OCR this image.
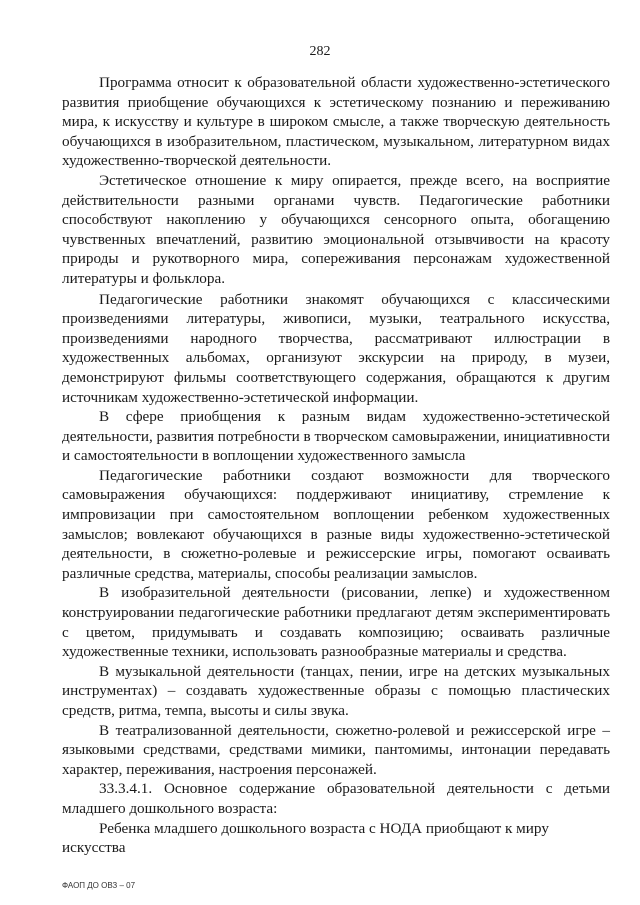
282

Программа относит к образовательной области художественно-эстетического развития приобщение обучающихся к эстетическому познанию и переживанию мира, к искусству и культуре в широком смысле, а также творческую деятельность обучающихся в изобразительном, пластическом, музыкальном, литературном видах художественно-творческой деятельности.

Эстетическое отношение к миру опирается, прежде всего, на восприятие действительности разными органами чувств. Педагогические работники способствуют накоплению у обучающихся сенсорного опыта, обогащению чувственных впечатлений, развитию эмоциональной отзывчивости на красоту природы и рукотворного мира, сопереживания персонажам художественной литературы и фольклора.

Педагогические работники знакомят обучающихся с классическими произведениями литературы, живописи, музыки, театрального искусства, произведениями народного творчества, рассматривают иллюстрации в художественных альбомах, организуют экскурсии на природу, в музеи, демонстрируют фильмы соответствующего содержания, обращаются к другим источникам художественно-эстетической информации.

В сфере приобщения к разным видам художественно-эстетической деятельности, развития потребности в творческом самовыражении, инициативности и самостоятельности в воплощении художественного замысла

Педагогические работники создают возможности для творческого самовыражения обучающихся: поддерживают инициативу, стремление к импровизации при самостоятельном воплощении ребенком художественных замыслов; вовлекают обучающихся в разные виды художественно-эстетической деятельности, в сюжетно-ролевые и режиссерские игры, помогают осваивать различные средства, материалы, способы реализации замыслов.

В изобразительной деятельности (рисовании, лепке) и художественном конструировании педагогические работники предлагают детям экспериментировать с цветом, придумывать и создавать композицию; осваивать различные художественные техники, использовать разнообразные материалы и средства.

В музыкальной деятельности (танцах, пении, игре на детских музыкальных инструментах) – создавать художественные образы с помощью пластических средств, ритма, темпа, высоты и силы звука.

В театрализованной деятельности, сюжетно-ролевой и режиссерской игре – языковыми средствами, средствами мимики, пантомимы, интонации передавать характер, переживания, настроения персонажей.

33.3.4.1. Основное содержание образовательной деятельности с детьми младшего дошкольного возраста:

Ребенка младшего дошкольного возраста с НОДА приобщают к миру искусства

ФАОП ДО ОВЗ – 07
